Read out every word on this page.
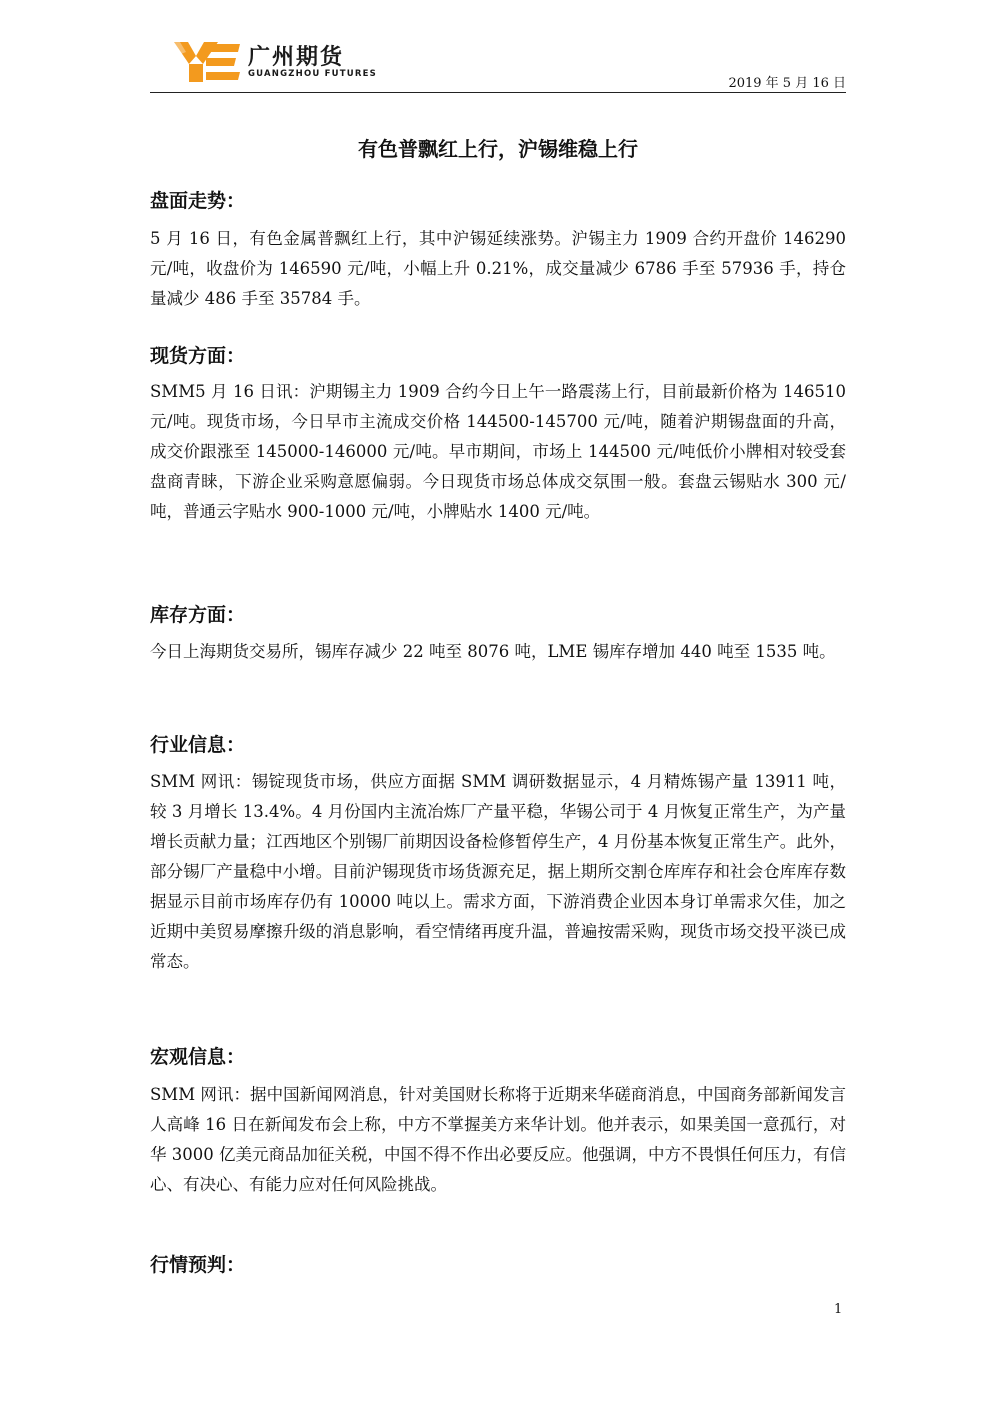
广州期货
GUANGZHOU FUTURES
2019 年 5 月 16 日
有色普飘红上行，沪锡维稳上行
盘面走势：

5 月 16 日，有色金属普飘红上行，其中沪锡延续涨势。沪锡主力 1909 合约开盘价 146290 元/吨，收盘价为 146590 元/吨，小幅上升 0.21%，成交量减少 6786 手至 57936 手，持仓量减少 486 手至 35784 手。

现货方面：

SMM5 月 16 日讯：沪期锡主力 1909 合约今日上午一路震荡上行，目前最新价格为 146510 元/吨。现货市场，今日早市主流成交价格 144500-145700 元/吨，随着沪期锡盘面的升高，成交价跟涨至 145000-146000 元/吨。早市期间，市场上 144500 元/吨低价小牌相对较受套盘商青睐，下游企业采购意愿偏弱。今日现货市场总体成交氛围一般。套盘云锡贴水 300 元/吨，普通云字贴水 900-1000 元/吨，小牌贴水 1400 元/吨。

库存方面：

今日上海期货交易所，锡库存减少 22 吨至 8076 吨，LME 锡库存增加 440 吨至 1535 吨。

行业信息：

SMM 网讯：锡锭现货市场，供应方面据 SMM 调研数据显示，4 月精炼锡产量 13911 吨，较 3 月增长 13.4%。4 月份国内主流冶炼厂产量平稳，华锡公司于 4 月恢复正常生产，为产量增长贡献力量；江西地区个别锡厂前期因设备检修暂停生产，4 月份基本恢复正常生产。此外，部分锡厂产量稳中小增。目前沪锡现货市场货源充足，据上期所交割仓库库存和社会仓库库存数据显示目前市场库存仍有 10000 吨以上。需求方面，下游消费企业因本身订单需求欠佳，加之近期中美贸易摩擦升级的消息影响，看空情绪再度升温，普遍按需采购，现货市场交投平淡已成常态。

宏观信息：

SMM 网讯：据中国新闻网消息，针对美国财长称将于近期来华磋商消息，中国商务部新闻发言人高峰 16 日在新闻发布会上称，中方不掌握美方来华计划。他并表示，如果美国一意孤行，对华 3000 亿美元商品加征关税，中国不得不作出必要反应。他强调，中方不畏惧任何压力，有信心、有决心、有能力应对任何风险挑战。

行情预判：
1
